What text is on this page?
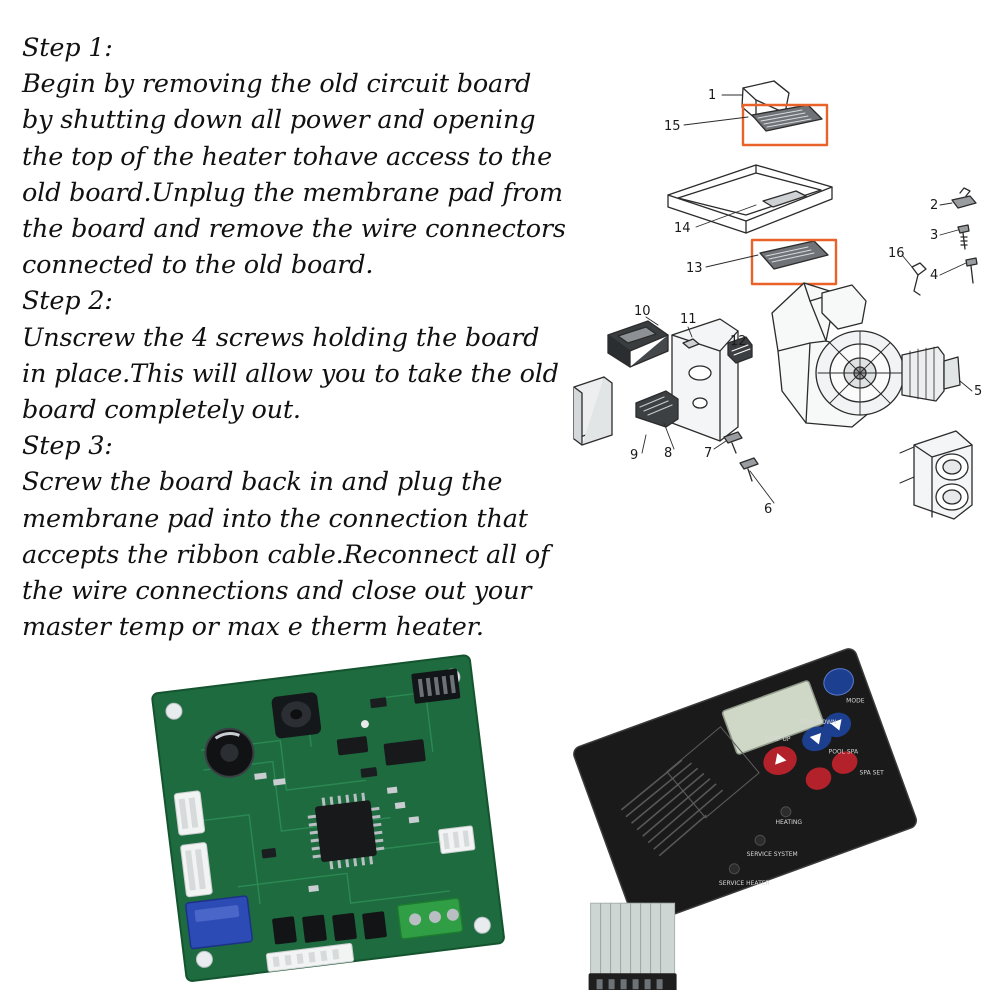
Step 1:
Begin by removing the old circuit board by shutting down all power and opening the top of the heater tohave access to the old board.Unplug the membrane pad from the board and remove the wire connectors connected to the old board.
Step 2:
Unscrew the 4 screws holding the board in place.This will allow you to take the old board completely out.
Step 3:
Screw the board back in and plug the membrane pad into the connection that accepts the ribbon cable.Reconnect all of the wire connections and close out your master temp or max e therm heater.
1
15
14
13
16
2
3
4
5
10
11
12
9 8 7
6
MODE
TEMP UP
TEMP DOWN
POOL SPA
SPA SET
HEATING
SERVICE SYSTEM
SERVICE HEATER
